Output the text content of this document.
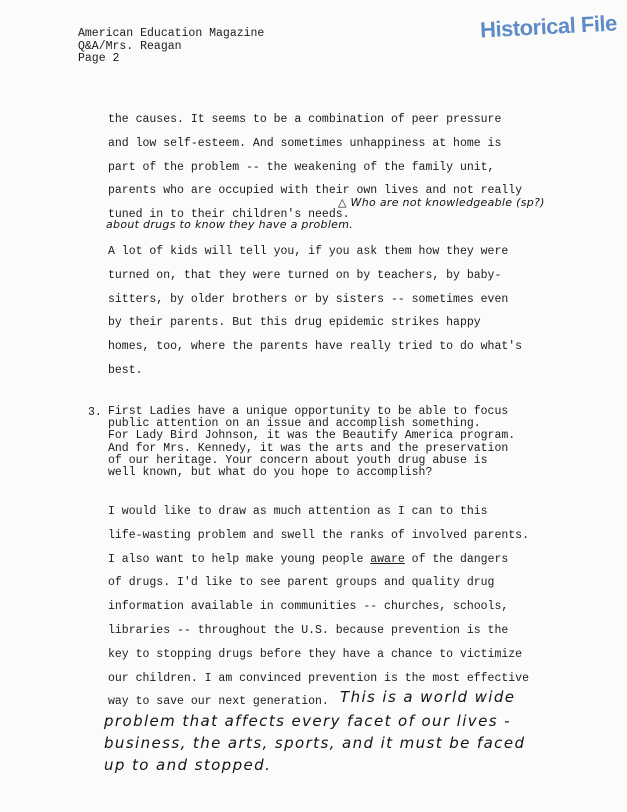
American Education Magazine
Q&A/Mrs. Reagan
Page 2
Historical File
the causes. It seems to be a combination of peer pressure
and low self-esteem. And sometimes unhappiness at home is
part of the problem -- the weakening of the family unit,
parents who are occupied with their own lives and not really
tuned in to their children's needs.
△ Who are not knowledgeable (sp?)
about drugs to know they have a problem.
A lot of kids will tell you, if you ask them how they were
turned on, that they were turned on by teachers, by baby-
sitters, by older brothers or by sisters -- sometimes even
by their parents. But this drug epidemic strikes happy
homes, too, where the parents have really tried to do what's
best.
3. First Ladies have a unique opportunity to be able to focus
public attention on an issue and accomplish something.
For Lady Bird Johnson, it was the Beautify America program.
And for Mrs. Kennedy, it was the arts and the preservation
of our heritage. Your concern about youth drug abuse is
well known, but what do you hope to accomplish?
I would like to draw as much attention as I can to this
life-wasting problem and swell the ranks of involved parents.
I also want to help make young people aware of the dangers
of drugs. I'd like to see parent groups and quality drug
information available in communities -- churches, schools,
libraries -- throughout the U.S. because prevention is the
key to stopping drugs before they have a chance to victimize
our children. I am convinced prevention is the most effective
way to save our next generation. This is a world wide
problem that affects every facet of our lives -
business, the arts, sports, and it must be faced
up to and stopped.
